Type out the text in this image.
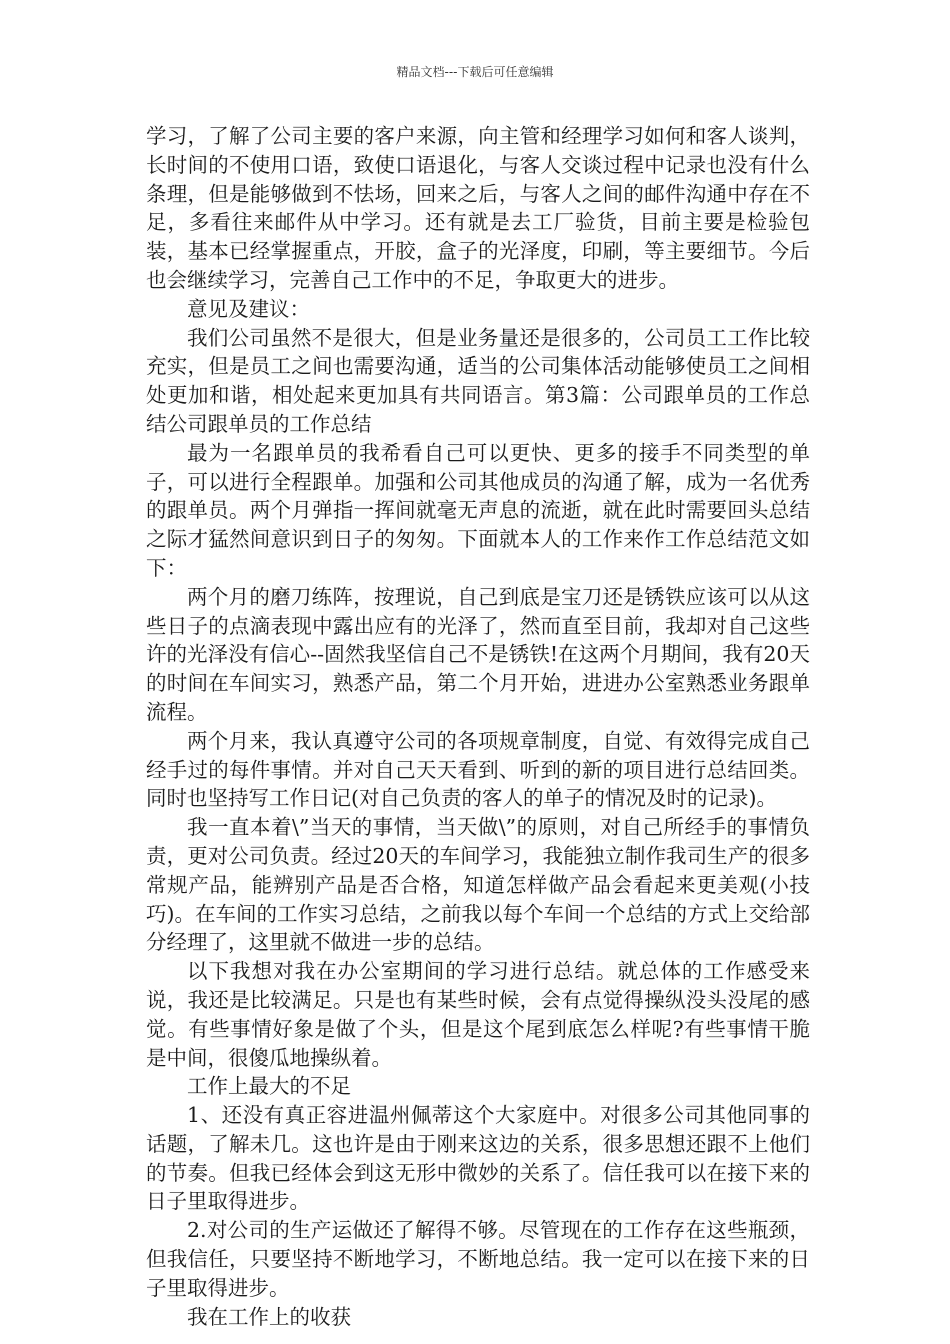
精品文档---下载后可任意编辑

学习，了解了公司主要的客户来源，向主管和经理学习如何和客人谈判，长时间的不使用口语，致使口语退化，与客人交谈过程中记录也没有什么条理，但是能够做到不怯场，回来之后，与客人之间的邮件沟通中存在不足，多看往来邮件从中学习。还有就是去工厂验货，目前主要是检验包装，基本已经掌握重点，开胶，盒子的光泽度，印刷，等主要细节。今后也会继续学习，完善自己工作中的不足，争取更大的进步。

意见及建议：

我们公司虽然不是很大，但是业务量还是很多的，公司员工工作比较充实，但是员工之间也需要沟通，适当的公司集体活动能够使员工之间相处更加和谐，相处起来更加具有共同语言。第3篇：公司跟单员的工作总结公司跟单员的工作总结

最为一名跟单员的我希看自己可以更快、更多的接手不同类型的单子，可以进行全程跟单。加强和公司其他成员的沟通了解，成为一名优秀的跟单员。两个月弹指一挥间就毫无声息的流逝，就在此时需要回头总结之际才猛然间意识到日子的匆匆。下面就本人的工作来作工作总结范文如下：

两个月的磨刀练阵，按理说，自己到底是宝刀还是锈铁应该可以从这些日子的点滴表现中露出应有的光泽了，然而直至目前，我却对自己这些许的光泽没有信心--固然我坚信自己不是锈铁!在这两个月期间，我有20天的时间在车间实习，熟悉产品，第二个月开始，进进办公室熟悉业务跟单流程。

两个月来，我认真遵守公司的各项规章制度，自觉、有效得完成自己经手过的每件事情。并对自己天天看到、听到的新的项目进行总结回类。同时也坚持写工作日记(对自己负责的客人的单子的情况及时的记录)。

我一直本着\”当天的事情，当天做\”的原则，对自己所经手的事情负责，更对公司负责。经过20天的车间学习，我能独立制作我司生产的很多常规产品，能辨别产品是否合格，知道怎样做产品会看起来更美观(小技巧)。在车间的工作实习总结，之前我以每个车间一个总结的方式上交给部分经理了，这里就不做进一步的总结。

以下我想对我在办公室期间的学习进行总结。就总体的工作感受来说，我还是比较满足。只是也有某些时候，会有点觉得操纵没头没尾的感觉。有些事情好象是做了个头，但是这个尾到底怎么样呢?有些事情干脆是中间，很傻瓜地操纵着。

工作上最大的不足

1、还没有真正容进温州佩蒂这个大家庭中。对很多公司其他同事的话题，了解未几。这也许是由于刚来这边的关系，很多思想还跟不上他们的节奏。但我已经体会到这无形中微妙的关系了。信任我可以在接下来的日子里取得进步。

2.对公司的生产运做还了解得不够。尽管现在的工作存在这些瓶颈，但我信任，只要坚持不断地学习，不断地总结。我一定可以在接下来的日子里取得进步。

我在工作上的收获
